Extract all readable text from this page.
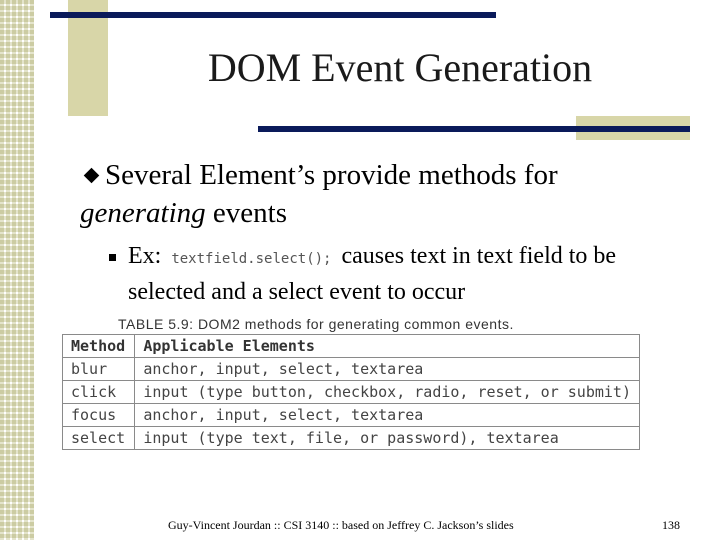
DOM Event Generation
Several Element’s provide methods for generating events
Ex: textfield.select(); causes text in text field to be selected and a select event to occur
TABLE 5.9: DOM2 methods for generating common events.
Method	Applicable Elements
blur	anchor, input, select, textarea
click	input (type button, checkbox, radio, reset, or submit)
focus	anchor, input, select, textarea
select	input (type text, file, or password), textarea
Guy-Vincent Jourdan :: CSI 3140 :: based on Jeffrey C. Jackson’s slides	138
